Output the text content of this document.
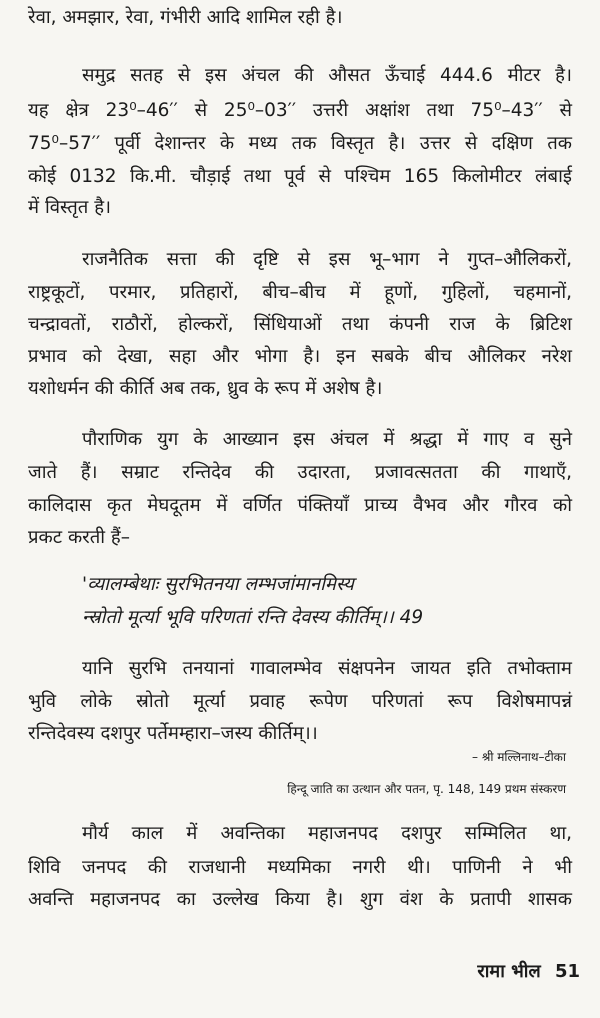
रेवा, अमझार, रेवा, गंभीरी आदि शामिल रही है।
समुद्र सतह से इस अंचल की औसत ऊँचाई 444.6 मीटर है।
यह क्षेत्र 23⁰–46′′ से 25⁰–03′′ उत्तरी अक्षांश तथा 75⁰–43′′ से
75⁰–57′′ पूर्वी देशान्तर के मध्य तक विस्तृत है। उत्तर से दक्षिण तक
कोई 0132 कि.मी. चौड़ाई तथा पूर्व से पश्चिम 165 किलोमीटर लंबाई
में विस्तृत है।
राजनैतिक सत्ता की दृष्टि से इस भू–भाग ने गुप्त–औलिकरों,
राष्ट्रकूटों, परमार, प्रतिहारों, बीच–बीच में हूणों, गुहिलों, चहमानों,
चन्द्रावतों, राठौरों, होल्करों, सिंधियाओं तथा कंपनी राज के ब्रिटिश
प्रभाव को देखा, सहा और भोगा है। इन सबके बीच औलिकर नरेश
यशोधर्मन की कीर्ति अब तक, ध्रुव के रूप में अशेष है।
पौराणिक युग के आख्यान इस अंचल में श्रद्धा में गाए व सुने
जाते हैं। सम्राट रन्तिदेव की उदारता, प्रजावत्सतता की गाथाएँ,
कालिदास कृत मेघदूतम में वर्णित पंक्तियाँ प्राच्य वैभव और गौरव को
प्रकट करती हैं–
'व्यालम्बेथाः सुरभितनया लम्भजांमानमिस्य
न्स्रोतो मूर्त्या भूवि परिणतां रन्ति देवस्य कीर्तिम्।। 49
यानि सुरभि तनयानां गावालम्भेव संक्षपनेन जायत इति तभोक्ताम
भुवि लोके स्रोतो मूर्त्या प्रवाह रूपेण परिणतां रूप विशेषमापन्नं
रन्तिदेवस्य दशपुर पर्तेमम्हारा–जस्य कीर्तिम्।।
– श्री मल्लिनाथ–टीका
हिन्दू जाति का उत्थान और पतन, पृ. 148, 149 प्रथम संस्करण
मौर्य काल में अवन्तिका महाजनपद दशपुर सम्मिलित था,
शिवि जनपद की राजधानी मध्यमिका नगरी थी। पाणिनी ने भी
अवन्ति महाजनपद का उल्लेख किया है। शुग वंश के प्रतापी शासक
रामा भील 51
